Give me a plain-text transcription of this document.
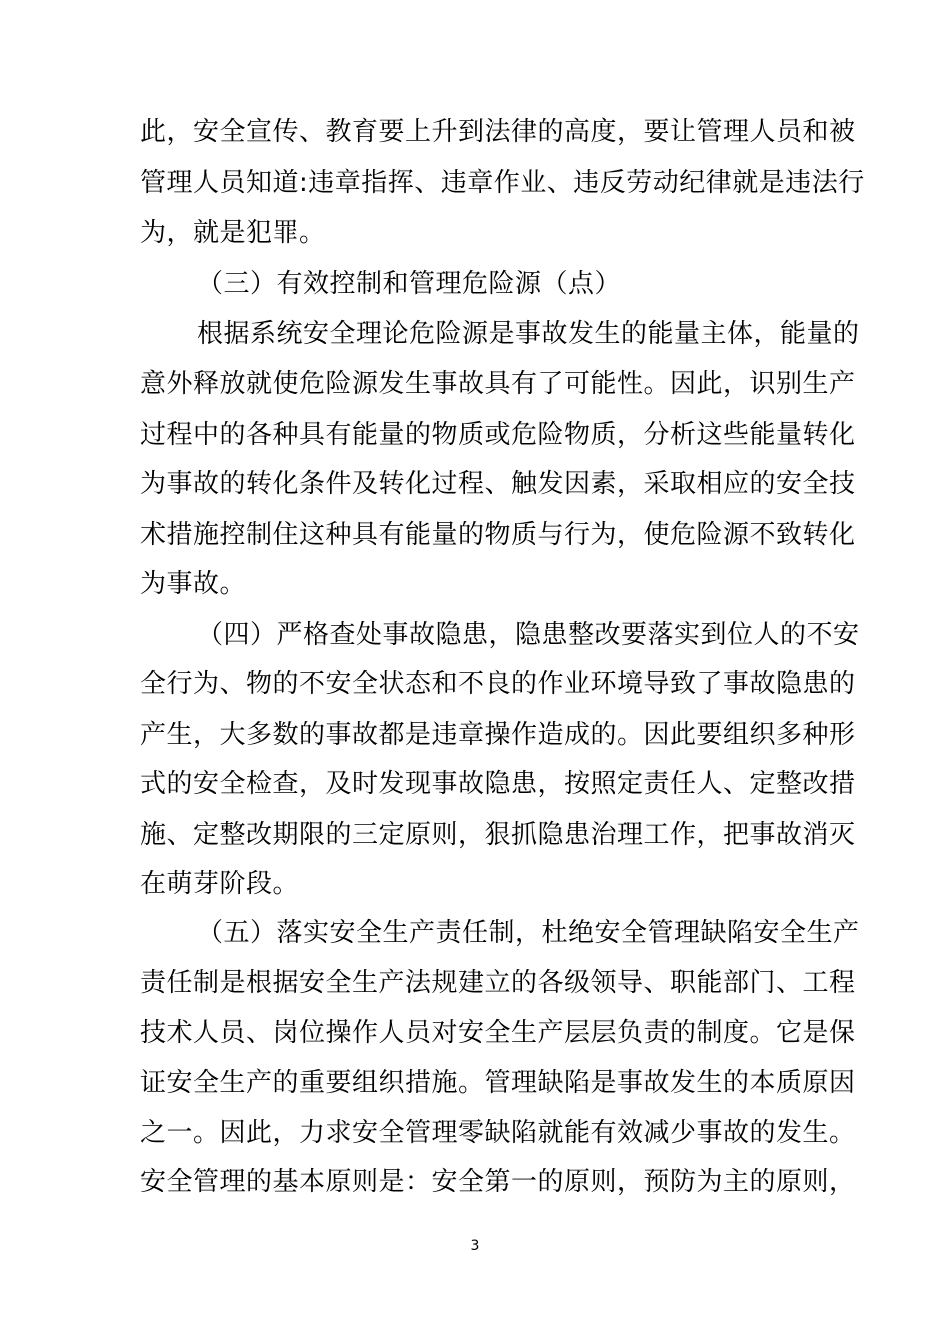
此，安全宣传、教育要上升到法律的高度，要让管理人员和被
管理人员知道:违章指挥、违章作业、违反劳动纪律就是违法行
为，就是犯罪。
（三）有效控制和管理危险源（点）
根据系统安全理论危险源是事故发生的能量主体，能量的
意外释放就使危险源发生事故具有了可能性。因此，识别生产
过程中的各种具有能量的物质或危险物质，分析这些能量转化
为事故的转化条件及转化过程、触发因素，采取相应的安全技
术措施控制住这种具有能量的物质与行为，使危险源不致转化
为事故。
（四）严格查处事故隐患，隐患整改要落实到位人的不安
全行为、物的不安全状态和不良的作业环境导致了事故隐患的
产生，大多数的事故都是违章操作造成的。因此要组织多种形
式的安全检查，及时发现事故隐患，按照定责任人、定整改措
施、定整改期限的三定原则，狠抓隐患治理工作，把事故消灭
在萌芽阶段。
（五）落实安全生产责任制，杜绝安全管理缺陷安全生产
责任制是根据安全生产法规建立的各级领导、职能部门、工程
技术人员、岗位操作人员对安全生产层层负责的制度。它是保
证安全生产的重要组织措施。管理缺陷是事故发生的本质原因
之一。因此，力求安全管理零缺陷就能有效减少事故的发生。
安全管理的基本原则是：安全第一的原则，预防为主的原则，
3
